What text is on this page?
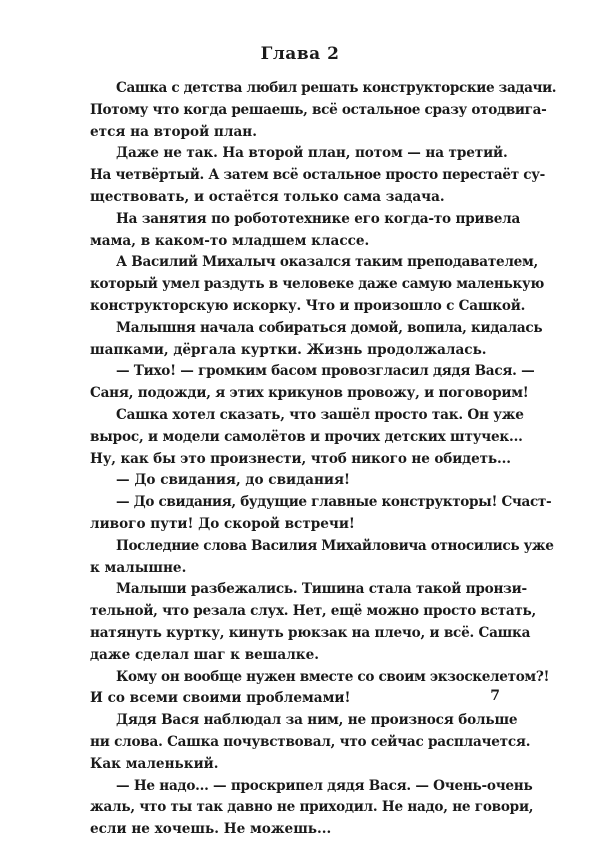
Глава 2
Сашка с детства любил решать конструкторские задачи.
Потому что когда решаешь, всё остальное сразу отодвига-
ется на второй план.
Даже не так. На второй план, потом — на третий.
На четвёртый. А затем всё остальное просто перестаёт су-
ществовать, и остаётся только сама задача.
На занятия по робототехнике его когда-то привела
мама, в каком-то младшем классе.
А Василий Михалыч оказался таким преподавателем,
который умел раздуть в человеке даже самую маленькую
конструкторскую искорку. Что и произошло с Сашкой.
Малышня начала собираться домой, вопила, кидалась
шапками, дёргала куртки. Жизнь продолжалась.
— Тихо! — громким басом провозгласил дядя Вася. —
Саня, подожди, я этих крикунов провожу, и поговорим!
Сашка хотел сказать, что зашёл просто так. Он уже
вырос, и модели самолётов и прочих детских штучек...
Ну, как бы это произнести, чтоб никого не обидеть...
— До свидания, до свидания!
— До свидания, будущие главные конструкторы! Счаст-
ливого пути! До скорой встречи!
Последние слова Василия Михайловича относились уже
к малышне.
Малыши разбежались. Тишина стала такой пронзи-
тельной, что резала слух. Нет, ещё можно просто встать,
натянуть куртку, кинуть рюкзак на плечо, и всё. Сашка
даже сделал шаг к вешалке.
Кому он вообще нужен вместе со своим экзоскелетом?!
И со всеми своими проблемами!
Дядя Вася наблюдал за ним, не произнося больше
ни слова. Сашка почувствовал, что сейчас расплачется.
Как маленький.
— Не надо... — проскрипел дядя Вася. — Очень-очень
жаль, что ты так давно не приходил. Не надо, не говори,
если не хочешь. Не можешь...
7
